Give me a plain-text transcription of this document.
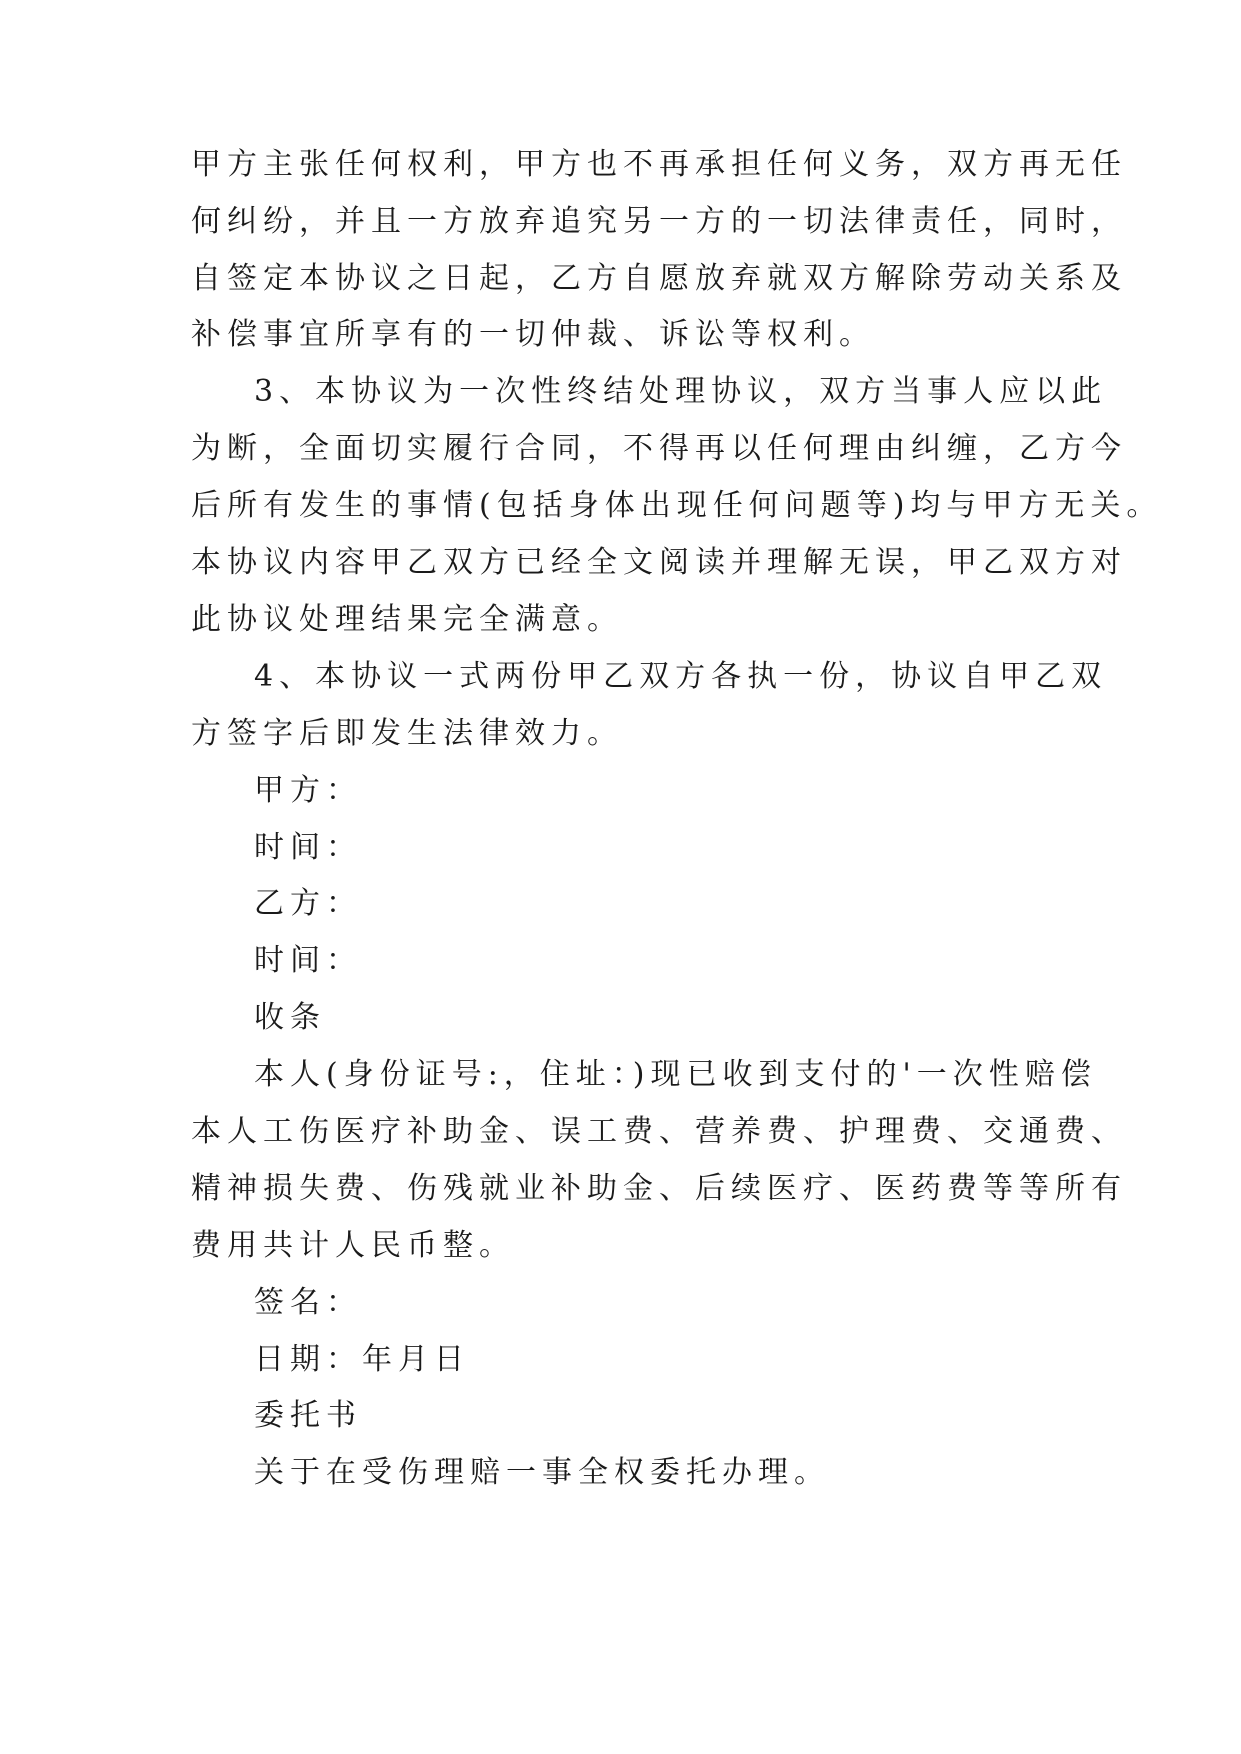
甲方主张任何权利，甲方也不再承担任何义务，双方再无任
何纠纷，并且一方放弃追究另一方的一切法律责任，同时，
自签定本协议之日起，乙方自愿放弃就双方解除劳动关系及
补偿事宜所享有的一切仲裁、诉讼等权利。
3、本协议为一次性终结处理协议，双方当事人应以此
为断，全面切实履行合同，不得再以任何理由纠缠，乙方今
后所有发生的事情(包括身体出现任何问题等)均与甲方无关。
本协议内容甲乙双方已经全文阅读并理解无误，甲乙双方对
此协议处理结果完全满意。
4、本协议一式两份甲乙双方各执一份，协议自甲乙双
方签字后即发生法律效力。
甲方：
时间：
乙方：
时间：
收条
本人(身份证号:，住址：)现已收到支付的'一次性赔偿
本人工伤医疗补助金、误工费、营养费、护理费、交通费、
精神损失费、伤残就业补助金、后续医疗、医药费等等所有
费用共计人民币整。
签名：
日期：年月日
委托书
关于在受伤理赔一事全权委托办理。
